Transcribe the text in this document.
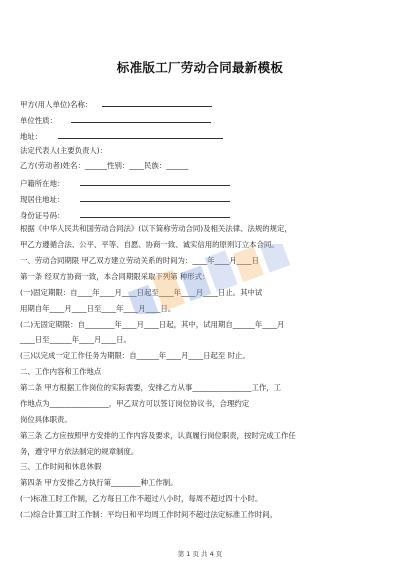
标准版工厂劳动合同最新模板
甲方(用人单位)名称：
单位性质：
地址：
法定代表人(主要负责人)：
乙方(劳动者)姓名：______性别：____民族：______
户籍所在地：
现居住地址：
身份证号码：
根据《中华人民共和国劳动合同法》(以下简称劳动合同)及相关法律、法规的规定，
甲乙方遵循合法、公平、平等、自愿、协商一致、诚实信用的原则订立本合同。
一、劳动合同期限 甲乙双方建立劳动关系的时间为：____年____月____日
第一条 经双方协商一致，本合同期限采取下列第 种形式：
(一)固定期限：自____年____月____日起至____年____月____日止。其中试
用期自年____月____日至____年____月____日。
(二)无固定期限：自________年____月____日起，其中，试用期自______年____月
____日至______年____月____日。
(三)以完成一定工作任务为期限：自______年____月____日起至 时止。
二、工作内容和工作地点
第二条 甲方根据工作岗位的实际需要，安排乙方从事________________工作，工
作地点为________________，甲乙双方可以签订岗位协议书，合理约定
岗位具体职责。
第三条 乙方应按照甲方安排的工作内容及要求，认真履行岗位职责，按时完成工作任
务，遵守甲方依法制定的规章制度。
三、工作时间和休息休假
第四条 甲方安排乙方执行第________种工作制。
(一)标准工时工作制，乙方每日工作不超过八小时，每周不超过四十小时。
(二)综合计算工时工作制：平均日和平均周工作时间不超过法定标准工作时间。
第 1 页 共 4 页
